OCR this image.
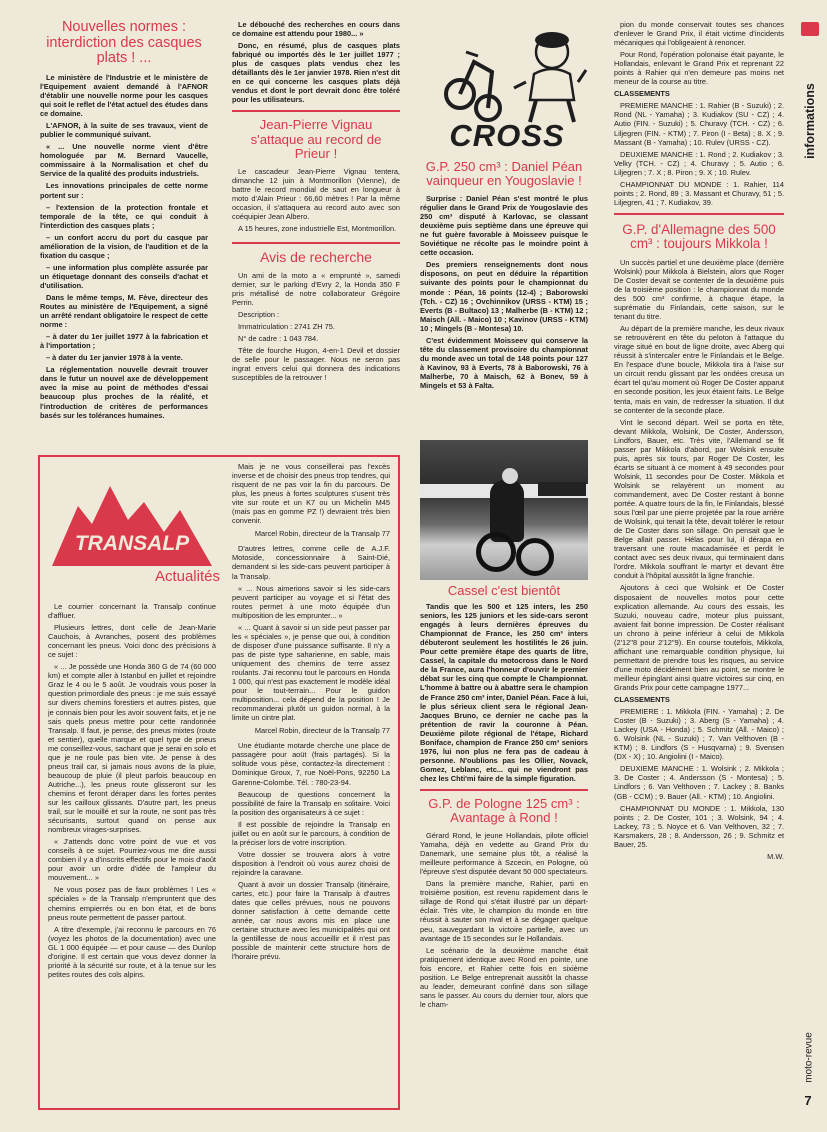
Nouvelles normes : interdiction des casques plats ! ...

Le ministère de l'Industrie et le ministère de l'Equipement avaient demandé à l'AFNOR d'établir une nouvelle norme pour les casques qui soit le reflet de l'état actuel des études dans ce domaine.

L'AFNOR, à la suite de ses travaux, vient de publier le communiqué suivant.

« ... Une nouvelle norme vient d'être homologuée par M. Bernard Vaucelle, commissaire à la Normalisation et chef du Service de la qualité des produits industriels.

Les innovations principales de cette norme portent sur :

– l'extension de la protection frontale et temporale de la tête, ce qui conduit à l'interdiction des casques plats ;

– un confort accru du port du casque par amélioration de la vision, de l'audition et de la fixation du casque ;

– une information plus complète assurée par un étiquetage donnant des conseils d'achat et d'utilisation.

Dans le même temps, M. Fève, directeur des Routes au ministère de l'Equipement, a signé un arrêté rendant obligatoire le respect de cette norme :

– à dater du 1er juillet 1977 à la fabrication et à l'importation ;

– à dater du 1er janvier 1978 à la vente.

La réglementation nouvelle devrait trouver dans le futur un nouvel axe de développement avec la mise au point de méthodes d'essai beaucoup plus proches de la réalité, et l'introduction de critères de performances basés sur les tolérances humaines.

Le débouché des recherches en cours dans ce domaine est attendu pour 1980... »

Donc, en résumé, plus de casques plats fabriqué ou importés dès le 1er juillet 1977 ; plus de casques plats vendus chez les détaillants dès le 1er janvier 1978. Rien n'est dit en ce qui concerne les casques plats déjà vendus et dont le port devrait donc être toléré pour les utilisateurs.

Jean-Pierre Vignau s'attaque au record de Prieur !

Le cascadeur Jean-Pierre Vignau tentera, dimanche 12 juin à Montmorillon (Vienne), de battre le record mondial de saut en longueur à moto d'Alain Prieur : 66,60 mètres ! Par la même occasion, il s'attaquera au record auto avec son coéquipier Jean Albero.

A 15 heures, zone industrielle Est, Montmorillon.

Avis de recherche

Un ami de la moto a « emprunté », samedi dernier, sur le parking d'Evry 2, la Honda 350 F pris métallisé de notre collaborateur Grégoire Perrin.

Description :

Immatriculation : 2741 ZH 75.

N° de cadre : 1 043 784.

Tête de fourche Hugon, 4-en-1 Devil et dossier de selle pour le passager. Nous ne seron pas ingrat envers celui qui donnera des indications susceptibles de la retrouver !

TRANSALP
Actualités

Le courrier concernant la Transalp continue d'affluer.

Plusieurs lettres, dont celle de Jean-Marie Cauchois, à Avranches, posent des problèmes concernant les pneus. Voici donc des précisions à ce sujet :

« ... Je possède une Honda 360 G de 74 (60 000 km) et compte aller à Istanbul en juillet et rejoindre Graz le 4 ou le 5 août. Je voudrais vous poser la question primordiale des pneus : je me suis essayé sur divers chemins forestiers et autres pistes, que je connais bien pour les avoir souvent faits, et je ne sais quels pneus mettre pour cette randonnée Transalp. Il faut, je pense, des pneus mixtes (route et sentier), quelle marque et quel type de pneus me conseillez-vous, sachant que je serai en solo et que je ne roule pas bien vite. Je pense à des pneus trail car, si jamais nous avons de la pluie, beaucoup de pluie (il pleut parfois beaucoup en Autriche...), les pneus route glisseront sur les chemins et feront déraper dans les fortes pentes sur les cailloux glissants. D'autre part, les pneus trail, sur le mouillé et sur la route, ne sont pas très sécurisants, surtout quand on pense aux nombreux virages-surprises.

« J'attends donc votre point de vue et vos conseils à ce sujet. Pourriez-vous me dire aussi combien il y a d'inscrits effectifs pour le mois d'août pour avoir un ordre d'idée de l'ampleur du mouvement... »

Ne vous posez pas de faux problèmes ! Les « spéciales » de la Transalp n'empruntent que des chemins empierrés ou en bon état, et de bons pneus route permettent de passer partout.

A titre d'exemple, j'ai reconnu le parcours en 76 (voyez les photos de la documentation) avec une GL 1 000 équipée — et pour cause — des Dunlop d'origine. Il est certain que vous devez donner la priorité à la sécurité sur route, et à la tenue sur les petites routes des cols alpins.

Mais je ne vous conseillerai pas l'excès inverse et de choisir des pneus trop tendres, qui risquent de ne pas voir la fin du parcours. De plus, les pneus à fortes sculptures s'usent très vite sur route et un K7 ou un Michelin M45 (mais pas en gomme PZ !) devraient très bien convenir.

Marcel Robin, directeur de la Transalp 77

D'autres lettres, comme celle de A.J.F. Motoside, concessionnaire à Saint-Dié, demandent si les side-cars peuvent participer à la Transalp.

« ... Nous aimerions savoir si les side-cars peuvent participer au voyage et si l'état des routes permet à une moto équipée d'un multiposition de les emprunter... »

« ... Quant à savoir si un side peut passer par les « spéciales », je pense que oui, à condition de disposer d'une puissance suffisante. Il n'y a pas de piste type saharienne, en sable, mais uniquement des chemins de terre assez roulants. J'ai reconnu tout le parcours en Honda 1 000, qui n'est pas exactement le modèle idéal pour le tout-terrain... Pour le guidon multiposition... cela dépend de la position ! Je recommanderai plutôt un guidon normal, à la limite un cintre plat.

Marcel Robin, directeur de la Transalp 77

Une étudiante motarde cherche une place de passagère pour aoüt (frais partagés). Si la solitude vous pèse, contactez-la directement : Dominique Groux, 7, rue Noël-Pons, 92250 La Garenne-Colombe. Tél. : 780-23-94.

Beaucoup de questions concernent la possibilité de faire la Transalp en solitaire. Voici la position des organisateurs à ce sujet :

Il est possible de rejoindre la Transalp en juillet ou en août sur le parcours, à condition de la préciser lors de votre inscription.

Votre dossier se trouvera alors à votre disposition à l'endroit où vous aurez choisi de rejoindre la caravane.

Quant à avoir un dossier Transalp (itinéraire, cartes, etc.) pour faire la Transalp à d'autres dates que celles prévues, nous ne pouvons donner satisfaction à cette demande cette année, car nous avons mis en place une certaine structure avec les municipalités qui ont la gentillesse de nous accueillir et il n'est pas possible de maintenir cette structure hors de l'horaire prévu.

CROSS
G.P. 250 cm³ : Daniel Péan vainqueur en Yougoslavie !

Surprise : Daniel Péan s'est montré le plus régulier dans le Grand Prix de Yougoslavie des 250 cm³ disputé à Karlovac, se classant deuxième puis septième dans une épreuve qui ne fut guère favorable à Moisseev puisque le Soviétique ne récolte pas le moindre point à cette occasion.

Des premiers renseignements dont nous disposons, on peut en déduire la répartition suivante des points pour le championnat du monde : Péan, 16 points (12-4) ; Baborowski (Tch. - CZ) 16 ; Ovchinnikov (URSS - KTM) 15 ; Everts (B - Bultaco) 13 ; Malherbe (B - KTM) 12 ; Maisch (All. - Maico) 10 ; Kavinov (URSS - KTM) 10 ; Mingels (B - Montesa) 10.

C'est évidemment Moisseev qui conserve la tête du classement provisoire du championnat du monde avec un total de 148 points pour 127 à Kavinov, 93 à Everts, 78 à Baborowski, 76 à Malherbe, 70 à Maisch, 62 à Bonev, 59 à Mingels et 53 à Falta.

Cassel c'est bientôt

Tandis que les 500 et 125 inters, les 250 seniors, les 125 juniors et les side-cars seront engagés à leurs dernières épreuves du Championnat de France, les 250 cm³ inters débuteront seulement les hostilités le 26 juin. Pour cette première étape des quarts de litre, Cassel, la capitale du motocross dans le Nord de la France, aura l'honneur d'ouvrir le premier débat sur les cinq que compte le Championnat. L'homme à battre ou à abattre sera le champion de France 250 cm³ inter, Daniel Péan. Face à lui, le plus sérieux client sera le régional Jean-Jacques Bruno, ce dernier ne cache pas la prétention de ravir la couronne à Péan. Deuxième pilote régional de l'étape, Richard Boniface, champion de France 250 cm³ seniors 1976, lui non plus ne fera pas de cadeau à personne. N'oublions pas les Ollier, Novack, Gomez, Leblanc, etc... qui ne viendront pas chez les Chti'mi faire de la simple figuration.

G.P. de Pologne 125 cm³ : Avantage à Rond !

Gérard Rond, le jeune Hollandais, pilote officiel Yamaha, déjà en vedette au Grand Prix du Danemark, une semaine plus tôt, a réalisé la meilleure performance à Szcecin, en Pologne, où l'épreuve s'est disputée devant 50 000 spectateurs.

Dans la première manche, Rahier, parti en troisième position, est revenu rapidement dans le sillage de Rond qui s'était illustré par un départ-éclair. Très vite, le champion du monde en titre réussit à sauter son rival et à se dégager quelque peu, sauvegardant la victoire partielle, avec un avantage de 15 secondes sur le Hollandais.

Le scénario de la deuxième manche était pratiquement identique avec Rond en pointe, une fois encore, et Rahier cette fois en sixième position. Le Belge entreprenait aussitôt la chasse au leader, demeurant confiné dans son sillage sans le passer. Au cours du dernier tour, alors que le cham-

pion du monde conservait toutes ses chances d'enlever le Grand Prix, il était victime d'incidents mécaniques qui l'obligeaient à renoncer.

Pour Rond, l'opération polonaise était payante, le Hollandais, enlevant le Grand Prix et reprenant 22 points à Rahier qui n'en demeure pas moins net meneur de la course au titre.

CLASSEMENTS

PREMIERE MANCHE : 1. Rahier (B - Suzuki) ; 2. Rond (NL - Yamaha) ; 3. Kudiakov (SU - CZ) ; 4. Autio (FIN. - Suzuki) ; 5. Churavy (TCH. - CZ) ; 6. Liljegren (FIN. - KTM) ; 7. Piron (I - Beta) ; 8. X ; 9. Massant (B - Yamaha) ; 10. Rulev (URSS - CZ).

DEUXIEME MANCHE : 1. Rond ; 2. Kudiakov ; 3. Velky (TCH. - CZ) ; 4. Churavy ; 5. Autio ; 6. Liljegren ; 7. X ; 8. Piron ; 9. X ; 10. Rulev.

CHAMPIONNAT DU MONDE : 1. Rahier, 114 points ; 2. Rond, 89 ; 3. Massant et Churavy, 51 ; 5. Liljegren, 41 ; 7. Kudiakov, 39.

G.P. d'Allemagne des 500 cm³ : toujours Mikkola !

Un succès partiel et une deuxième place (derrière Wolsink) pour Mikkola à Bielstein, alors que Roger De Coster devait se contenter de la deuxième puis de la troisième position : le championnat du monde des 500 cm³ confirme, à chaque étape, la suprématie du Finlandais, cette saison, sur le tenant du titre.

Au départ de la première manche, les deux rivaux se retrouvèrent en tête du peloton à l'attaque du virage situé en bout de ligne droite, avec Aberg qui réussit à s'intercaler entre le Finlandais et le Belge. En l'espace d'une boucle, Mikkola tira à l'aise sur un circuit rendu glissant par les ondées creusa un écart tel qu'au moment où Roger De Coster apparut en seconde position, les jeux étaient faits. Le Belge tenta, mais en vain, de redresser la situation. Il dut se contenter de la seconde place.

Vint le second départ. Weil se porta en tête, devant Mikkola, Wolsink, De Coster, Andersson, Lindfors, Bauer, etc. Très vite, l'Allemand se fit passer par Mikkola d'abord, par Wolsink ensuite puis, après six tours, par Roger De Coster, les écarts se situant à ce moment à 49 secondes pour Wolsink, 11 secondes pour De Coster. Mikkola et Wolsink se relayèrent un moment au commandement, avec De Coster restant à bonne portée. A quatre tours de la fin, le Finlandais, blessé sous l'œil par une pierre projetée par la roue arrière de Wolsink, qui tenait la tête, devait tolérer le retour de De Coster dans son sillage. On pensait que le Belge allait passer. Hélas pour lui, il dérapa en traversant une route macadamisée et perdit le contact avec ses deux rivaux, qui terminaient dans l'ordre. Mikkola souffrant le martyr et devant être conduit à l'hôpital aussitôt la ligne franchie.

Ajoutons à ceci que Wolsink et De Coster disposaient de nouvelles motos pour cette explication allemande. Au cours des essais, les Suzuki, nouveau cadre, moteur plus puissant, avaient fait bonne impression. De Coster réalisant un chrono à peine inférieur à celui de Mikkola (2'12''8 pour 2'12''9). En course toutefois, Mikkola, affichant une remarquable condition physique, lui permettant de prendre tous les risques, au service d'une moto décidément bien au point, se montre le meilleur épinglant ainsi quatre victoires sur cinq, en Grands Prix pour cette campagne 1977...

CLASSEMENTS

PREMIERE : 1. Mikkola (FIN. - Yamaha) ; 2. De Coster (B - Suzuki) ; 3. Aberg (S - Yamaha) ; 4. Lackey (USA - Honda) ; 5. Schmitz (All. - Maico) ; 6. Wolsink (NL - Suzuki) ; 7. Van Velthoven (B - KTM) ; 8. Lindfors (S - Husqvarna) ; 9. Svensen (DX - X) ; 10. Angiolini (I - Maico).

DEUXIEME MANCHE : 1. Wolsink ; 2. Mikkola ; 3. De Coster ; 4. Andersson (S - Montesa) ; 5. Lindfors ; 6. Van Velthoven ; 7. Lackey ; 8. Banks (GB - CCM) ; 9. Bauer (All. - KTM) ; 10. Angiolini.

CHAMPIONNAT DU MONDE : 1. Mikkola, 130 points ; 2. De Coster, 101 ; 3. Wolsink, 94 ; 4. Lackey, 73 ; 5. Noyce et 6. Van Velthoven, 32 ; 7. Karsmakers, 28 ; 8. Andersson, 26 ; 9. Schmitz et Bauer, 25.

M.W.
informations
moto-revue
7
